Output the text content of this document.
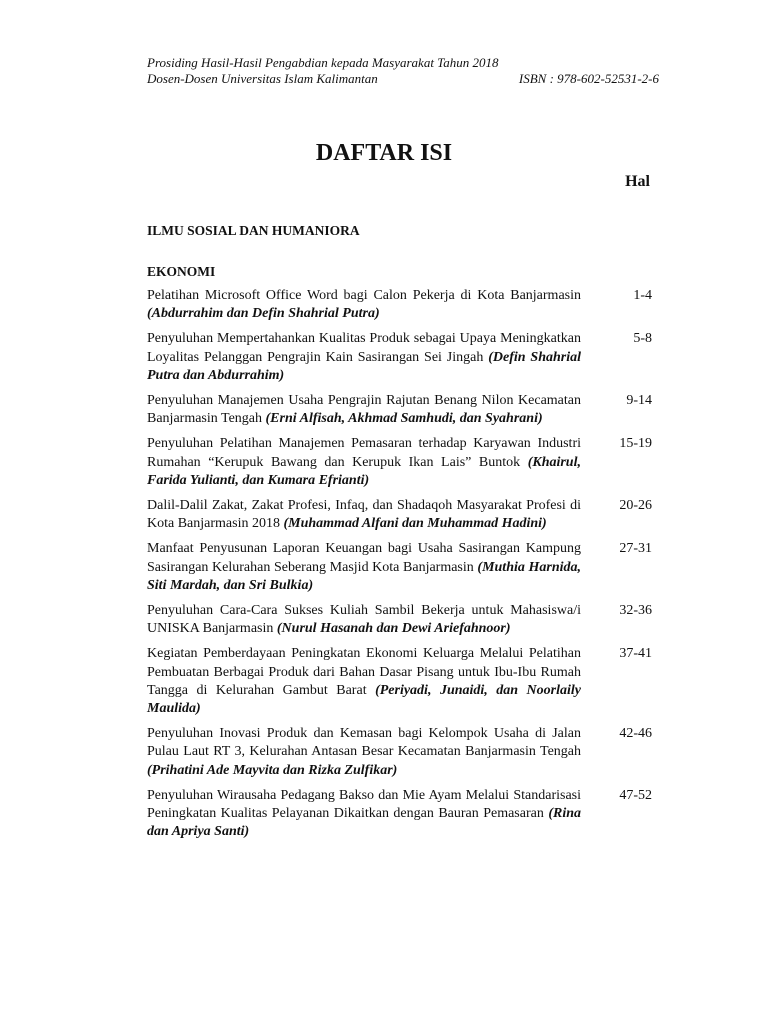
Prosiding Hasil-Hasil Pengabdian kepada Masyarakat Tahun 2018
Dosen-Dosen Universitas Islam Kalimantan	ISBN : 978-602-52531-2-6
DAFTAR ISI
Hal
ILMU SOSIAL DAN HUMANIORA
EKONOMI
Pelatihan Microsoft Office Word bagi Calon Pekerja di Kota Banjarmasin (Abdurrahim dan Defin Shahrial Putra)
1-4
Penyuluhan Mempertahankan Kualitas Produk sebagai Upaya Meningkatkan Loyalitas Pelanggan Pengrajin Kain Sasirangan Sei Jingah (Defin Shahrial Putra dan Abdurrahim)
5-8
Penyuluhan Manajemen Usaha Pengrajin Rajutan Benang Nilon Kecamatan Banjarmasin Tengah (Erni Alfisah, Akhmad Samhudi, dan Syahrani)
9-14
Penyuluhan Pelatihan Manajemen Pemasaran terhadap Karyawan Industri Rumahan “Kerupuk Bawang dan Kerupuk Ikan Lais” Buntok (Khairul, Farida Yulianti, dan Kumara Efrianti)
15-19
Dalil-Dalil Zakat, Zakat Profesi, Infaq, dan Shadaqoh Masyarakat Profesi di Kota Banjarmasin 2018 (Muhammad Alfani dan Muhammad Hadini)
20-26
Manfaat Penyusunan Laporan Keuangan bagi Usaha Sasirangan Kampung Sasirangan Kelurahan Seberang Masjid Kota Banjarmasin (Muthia Harnida, Siti Mardah, dan Sri Bulkia)
27-31
Penyuluhan Cara-Cara Sukses Kuliah Sambil Bekerja untuk Mahasiswa/i UNISKA Banjarmasin (Nurul Hasanah dan Dewi Ariefahnoor)
32-36
Kegiatan Pemberdayaan Peningkatan Ekonomi Keluarga Melalui Pelatihan Pembuatan Berbagai Produk dari Bahan Dasar Pisang untuk Ibu-Ibu Rumah Tangga di Kelurahan Gambut Barat (Periyadi, Junaidi, dan Noorlaily Maulida)
37-41
Penyuluhan Inovasi Produk dan Kemasan bagi Kelompok Usaha di Jalan Pulau Laut RT 3, Kelurahan Antasan Besar Kecamatan Banjarmasin Tengah (Prihatini Ade Mayvita dan Rizka Zulfikar)
42-46
Penyuluhan Wirausaha Pedagang Bakso dan Mie Ayam Melalui Standarisasi Peningkatan Kualitas Pelayanan Dikaitkan dengan Bauran Pemasaran (Rina dan Apriya Santi)
47-52
